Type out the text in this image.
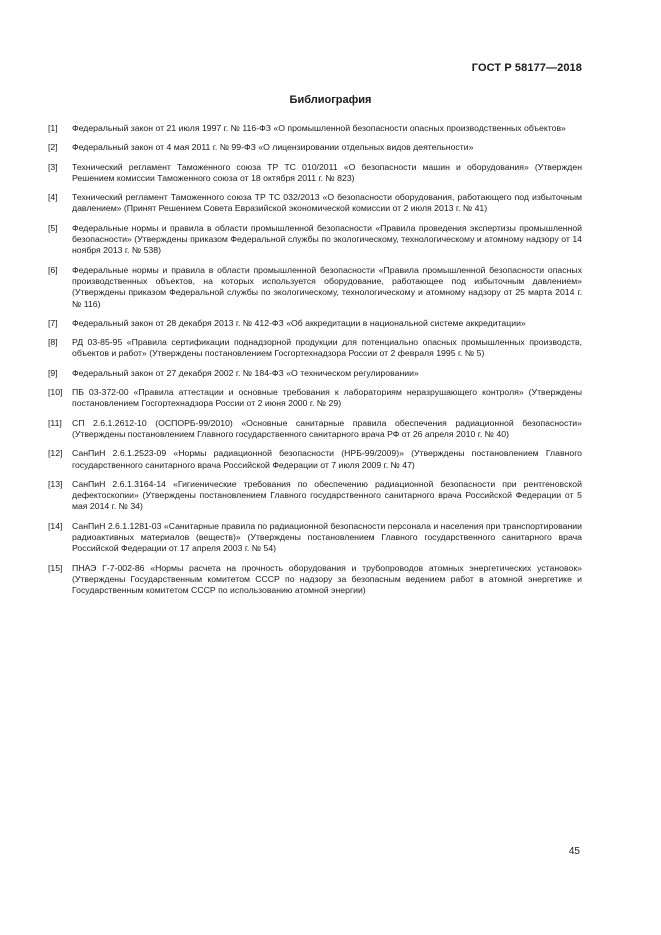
ГОСТ Р 58177—2018
Библиография
[1]	Федеральный закон от 21 июля 1997 г. № 116-ФЗ «О промышленной безопасности опасных производственных объектов»
[2]	Федеральный закон от 4 мая 2011 г. № 99-ФЗ «О лицензировании отдельных видов деятельности»
[3]	Технический регламент Таможенного союза ТР ТС 010/2011 «О безопасности машин и оборудования» (Утвержден Решением комиссии Таможенного союза от 18 октября 2011 г. № 823)
[4]	Технический регламент Таможенного союза ТР ТС 032/2013 «О безопасности оборудования, работающего под избыточным давлением» (Принят Решением Совета Евразийской экономической комиссии от 2 июля 2013 г. № 41)
[5]	Федеральные нормы и правила в области промышленной безопасности «Правила проведения экспертизы промышленной безопасности» (Утверждены приказом Федеральной службы по экологическому, технологическому и атомному надзору от 14 ноября 2013 г. № 538)
[6]	Федеральные нормы и правила в области промышленной безопасности «Правила промышленной безопасности опасных производственных объектов, на которых используется оборудование, работающее под избыточным давлением» (Утверждены приказом Федеральной службы по экологическому, технологическому и атомному надзору от 25 марта 2014 г. № 116)
[7]	Федеральный закон от 28 декабря 2013 г. № 412-ФЗ «Об аккредитации в национальной системе аккредитации»
[8]	РД 03-85-95 «Правила сертификации поднадзорной продукции для потенциально опасных промышленных производств, объектов и работ» (Утверждены постановлением Госгортехнадзора России от 2 февраля 1995 г. № 5)
[9]	Федеральный закон от 27 декабря 2002 г. № 184-ФЗ «О техническом регулировании»
[10]	ПБ 03-372-00 «Правила аттестации и основные требования к лабораториям неразрушающего контроля» (Утверждены постановлением Госгортехнадзора России от 2 июня 2000 г. № 29)
[11]	СП 2.6.1.2612-10 (ОСПОРБ-99/2010) «Основные санитарные правила обеспечения радиационной безопасности» (Утверждены постановлением Главного государственного санитарного врача РФ от 26 апреля 2010 г. № 40)
[12]	СанПиН 2.6.1.2523-09 «Нормы радиационной безопасности (НРБ-99/2009)» (Утверждены постановлением Главного государственного санитарного врача Российской Федерации от 7 июля 2009 г. № 47)
[13]	СанПиН 2.6.1.3164-14 «Гигиенические требования по обеспечению радиационной безопасности при рентгеновской дефектоскопии» (Утверждены постановлением Главного государственного санитарного врача Российской Федерации от 5 мая 2014 г. № 34)
[14]	СанПиН 2.6.1.1281-03 «Санитарные правила по радиационной безопасности персонала и населения при транспортировании радиоактивных материалов (веществ)» (Утверждены постановлением Главного государственного санитарного врача Российской Федерации от 17 апреля 2003 г. № 54)
[15]	ПНАЭ Г-7-002-86 «Нормы расчета на прочность оборудования и трубопроводов атомных энергетических установок» (Утверждены Государственным комитетом СССР по надзору за безопасным ведением работ в атомной энергетике и Государственным комитетом СССР по использованию атомной энергии)
45
